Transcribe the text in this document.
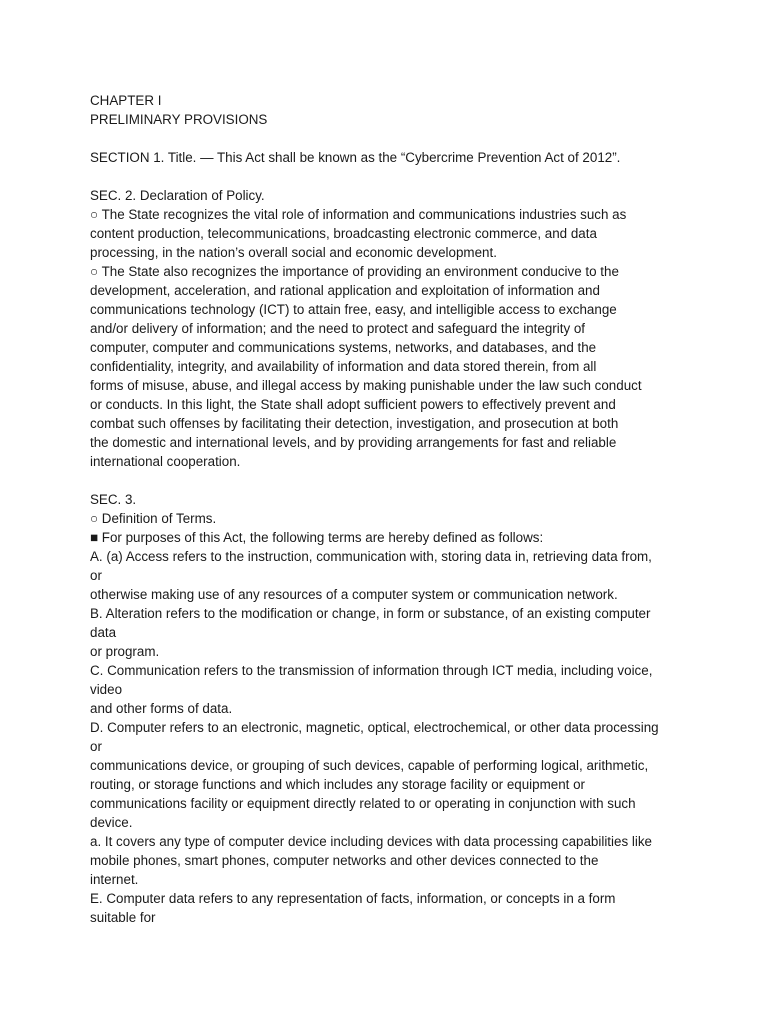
CHAPTER I
PRELIMINARY PROVISIONS
SECTION 1. Title. — This Act shall be known as the “Cybercrime Prevention Act of 2012”.
SEC. 2. Declaration of Policy.
○ The State recognizes the vital role of information and communications industries such as
content production, telecommunications, broadcasting electronic commerce, and data
processing, in the nation’s overall social and economic development.
○ The State also recognizes the importance of providing an environment conducive to the
development, acceleration, and rational application and exploitation of information and
communications technology (ICT) to attain free, easy, and intelligible access to exchange
and/or delivery of information; and the need to protect and safeguard the integrity of
computer, computer and communications systems, networks, and databases, and the
confidentiality, integrity, and availability of information and data stored therein, from all
forms of misuse, abuse, and illegal access by making punishable under the law such conduct
or conducts. In this light, the State shall adopt sufficient powers to effectively prevent and
combat such offenses by facilitating their detection, investigation, and prosecution at both
the domestic and international levels, and by providing arrangements for fast and reliable
international cooperation.
SEC. 3.
○ Definition of Terms.
■ For purposes of this Act, the following terms are hereby defined as follows:
A. (a) Access refers to the instruction, communication with, storing data in, retrieving data from,
or
otherwise making use of any resources of a computer system or communication network.
B. Alteration refers to the modification or change, in form or substance, of an existing computer
data
or program.
C. Communication refers to the transmission of information through ICT media, including voice,
video
and other forms of data.
D. Computer refers to an electronic, magnetic, optical, electrochemical, or other data processing
or
communications device, or grouping of such devices, capable of performing logical, arithmetic,
routing, or storage functions and which includes any storage facility or equipment or
communications facility or equipment directly related to or operating in conjunction with such
device.
a. It covers any type of computer device including devices with data processing capabilities like
mobile phones, smart phones, computer networks and other devices connected to the
internet.
E. Computer data refers to any representation of facts, information, or concepts in a form
suitable for
